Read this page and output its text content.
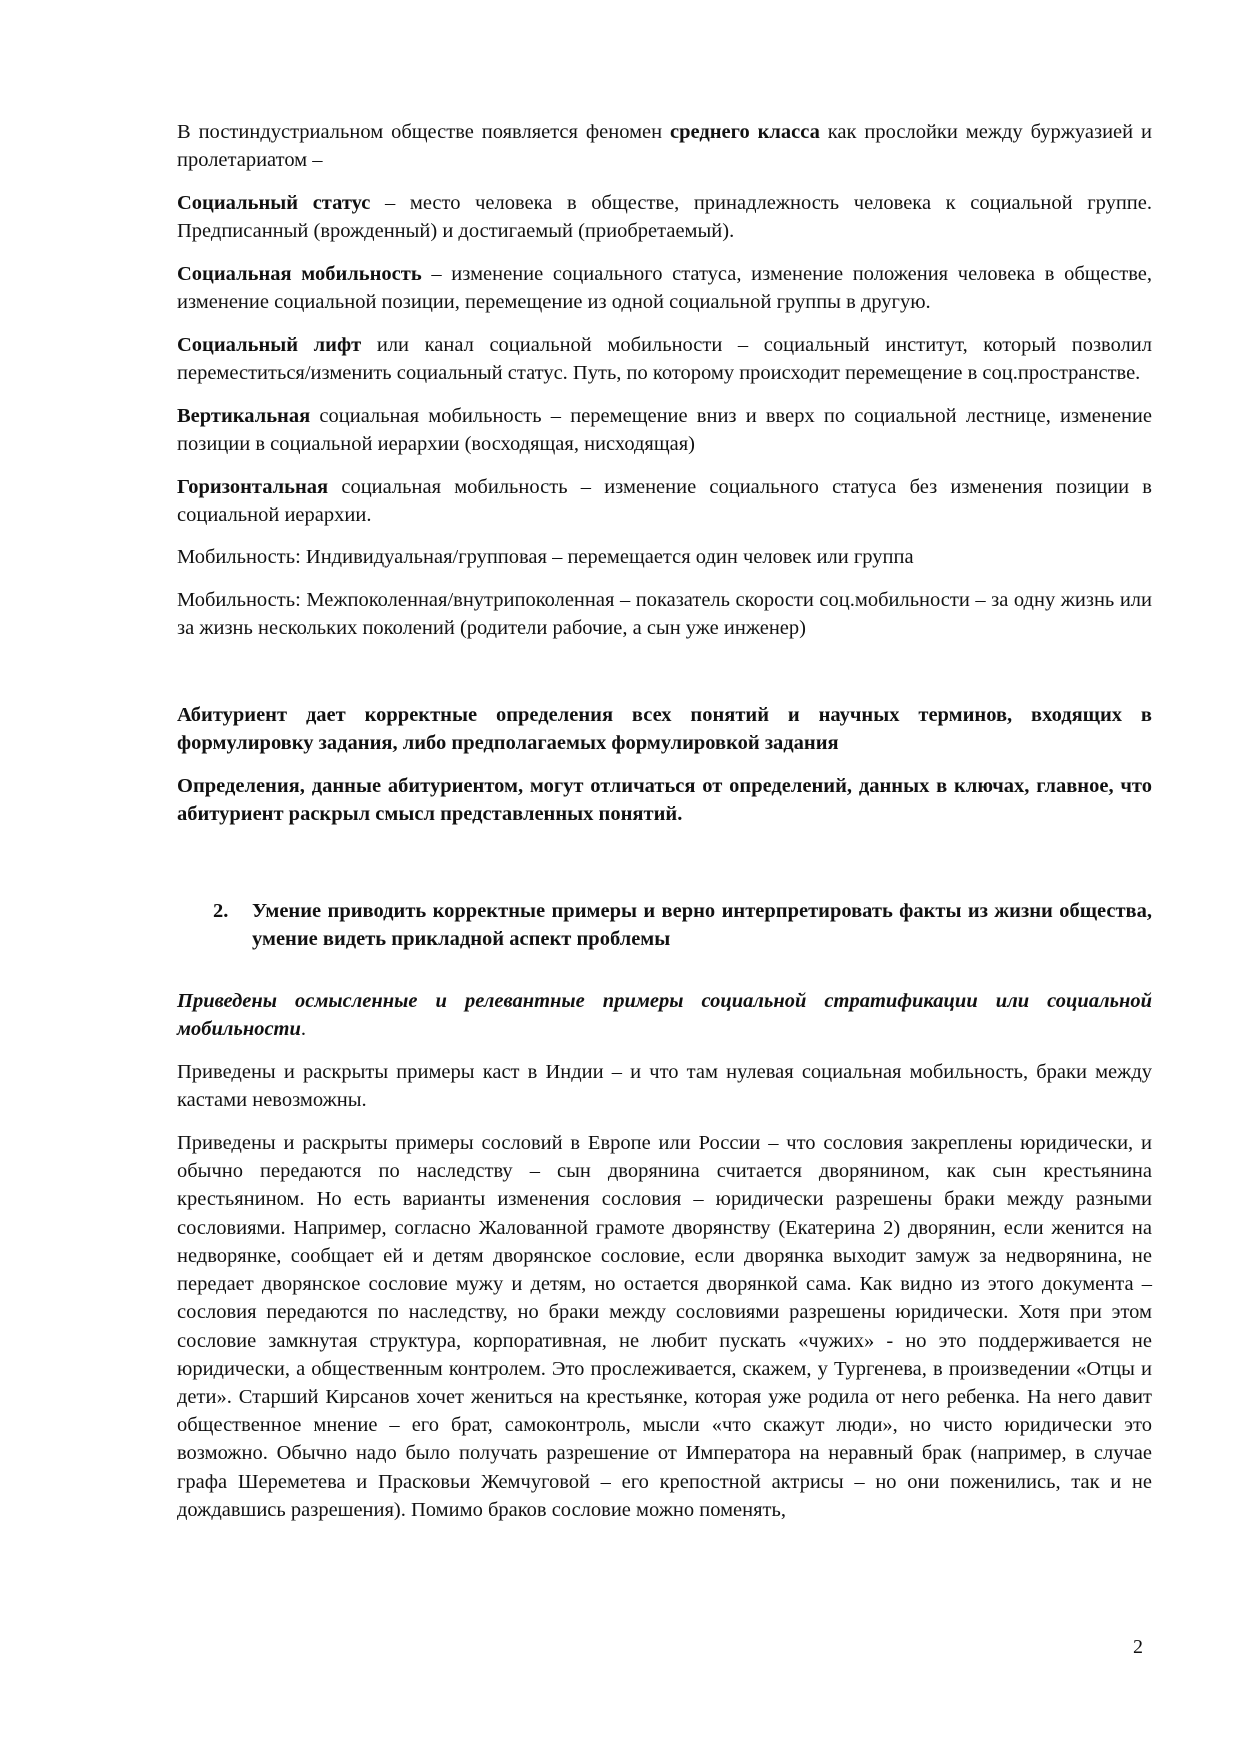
В постиндустриальном обществе появляется феномен среднего класса как прослойки между буржуазией и пролетариатом –

Социальный статус – место человека в обществе, принадлежность человека к социальной группе. Предписанный (врожденный) и достигаемый (приобретаемый).

Социальная мобильность – изменение социального статуса, изменение положения человека в обществе, изменение социальной позиции, перемещение из одной социальной группы в другую.

Социальный лифт или канал социальной мобильности – социальный институт, который позволил переместиться/изменить социальный статус. Путь, по которому происходит перемещение в соц.пространстве.

Вертикальная социальная мобильность – перемещение вниз и вверх по социальной лестнице, изменение позиции в социальной иерархии (восходящая, нисходящая)

Горизонтальная социальная мобильность – изменение социального статуса без изменения позиции в социальной иерархии.

Мобильность: Индивидуальная/групповая – перемещается один человек или группа

Мобильность: Межпоколенная/внутрипоколенная – показатель скорости соц.мобильности – за одну жизнь или за жизнь нескольких поколений (родители рабочие, а сын уже инженер)

Абитуриент дает корректные определения всех понятий и научных терминов, входящих в формулировку задания, либо предполагаемых формулировкой задания

Определения, данные абитуриентом, могут отличаться от определений, данных в ключах, главное, что абитуриент раскрыл смысл представленных понятий.

2. Умение приводить корректные примеры и верно интерпретировать факты из жизни общества, умение видеть прикладной аспект проблемы

Приведены осмысленные и релевантные примеры социальной стратификации или социальной мобильности.

Приведены и раскрыты примеры каст в Индии – и что там нулевая социальная мобильность, браки между кастами невозможны.

Приведены и раскрыты примеры сословий в Европе или России – что сословия закреплены юридически, и обычно передаются по наследству – сын дворянина считается дворянином, как сын крестьянина крестьянином. Но есть варианты изменения сословия – юридически разрешены браки между разными сословиями. Например, согласно Жалованной грамоте дворянству (Екатерина 2) дворянин, если женится на недворянке, сообщает ей и детям дворянское сословие, если дворянка выходит замуж за недворянина, не передает дворянское сословие мужу и детям, но остается дворянкой сама. Как видно из этого документа – сословия передаются по наследству, но браки между сословиями разрешены юридически. Хотя при этом сословие замкнутая структура, корпоративная, не любит пускать «чужих» - но это поддерживается не юридически, а общественным контролем. Это прослеживается, скажем, у Тургенева, в произведении «Отцы и дети». Старший Кирсанов хочет жениться на крестьянке, которая уже родила от него ребенка. На него давит общественное мнение – его брат, самоконтроль, мысли «что скажут люди», но чисто юридически это возможно. Обычно надо было получать разрешение от Императора на неравный брак (например, в случае графа Шереметева и Прасковьи Жемчуговой – его крепостной актрисы – но они поженились, так и не дождавшись разрешения). Помимо браков сословие можно поменять,

2
